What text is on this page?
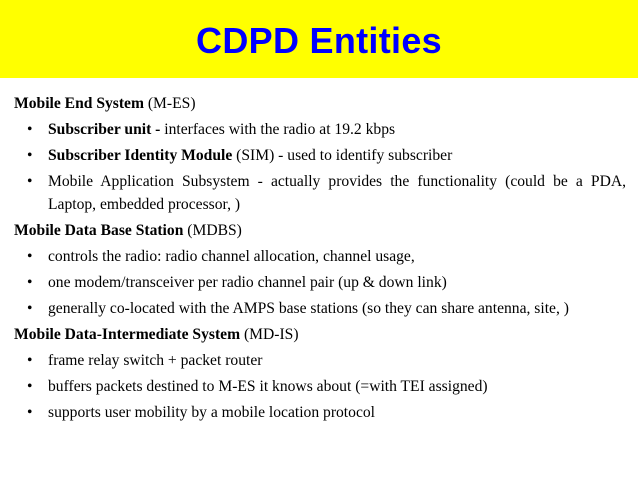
CDPD Entities
Mobile End System (M-ES)
• Subscriber unit - interfaces with the radio at 19.2 kbps
• Subscriber Identity Module (SIM) - used to identify subscriber
• Mobile Application Subsystem - actually provides the functionality (could be a PDA, Laptop, embedded processor, )
Mobile Data Base Station (MDBS)
• controls the radio: radio channel allocation, channel usage,
• one modem/transceiver per radio channel pair (up & down link)
• generally co-located with the AMPS base stations (so they can share antenna, site, )
Mobile Data-Intermediate System (MD-IS)
• frame relay switch + packet router
• buffers packets destined to M-ES it knows about (=with TEI assigned)
• supports user mobility by a mobile location protocol
